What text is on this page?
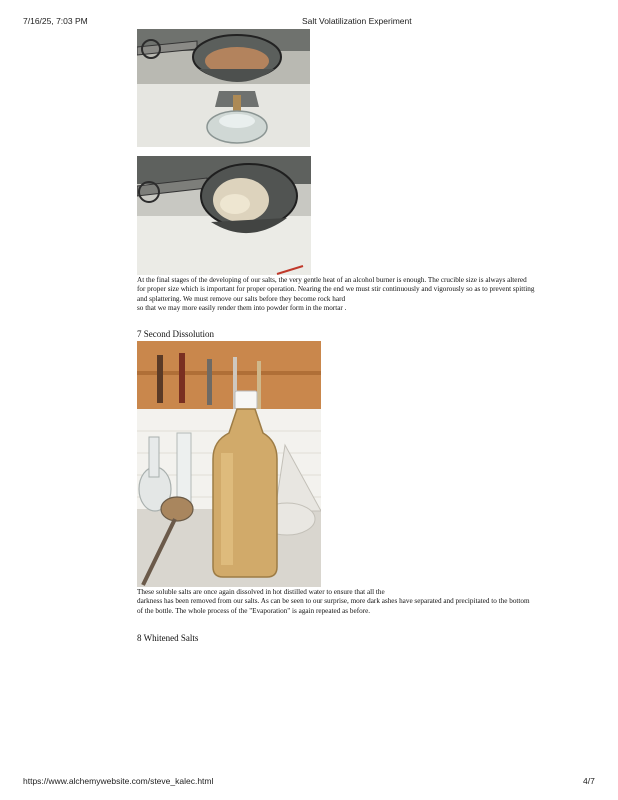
7/16/25, 7:03 PM	Salt Volatilization Experiment
At the final stages of the developing of our salts, the very gentle heat of an alcohol burner is enough. The crucible size is always altered
for proper size which is important for proper operation. Nearing the end we must stir continuously and vigorously so as to prevent spitting
and splattering. We must remove our salts before they become rock hard
so that we may more easily render them into powder form in the mortar .
7 Second Dissolution
These soluble salts are once again dissolved in hot distilled water to ensure that all the
darkness has been removed from our salts. As can be seen to our surprise, more dark ashes have separated and precipitated to the bottom
of the bottle. The whole process of the "Evaporation" is again repeated as before.
8 Whitened Salts
https://www.alchemywebsite.com/steve_kalec.html	4/7
